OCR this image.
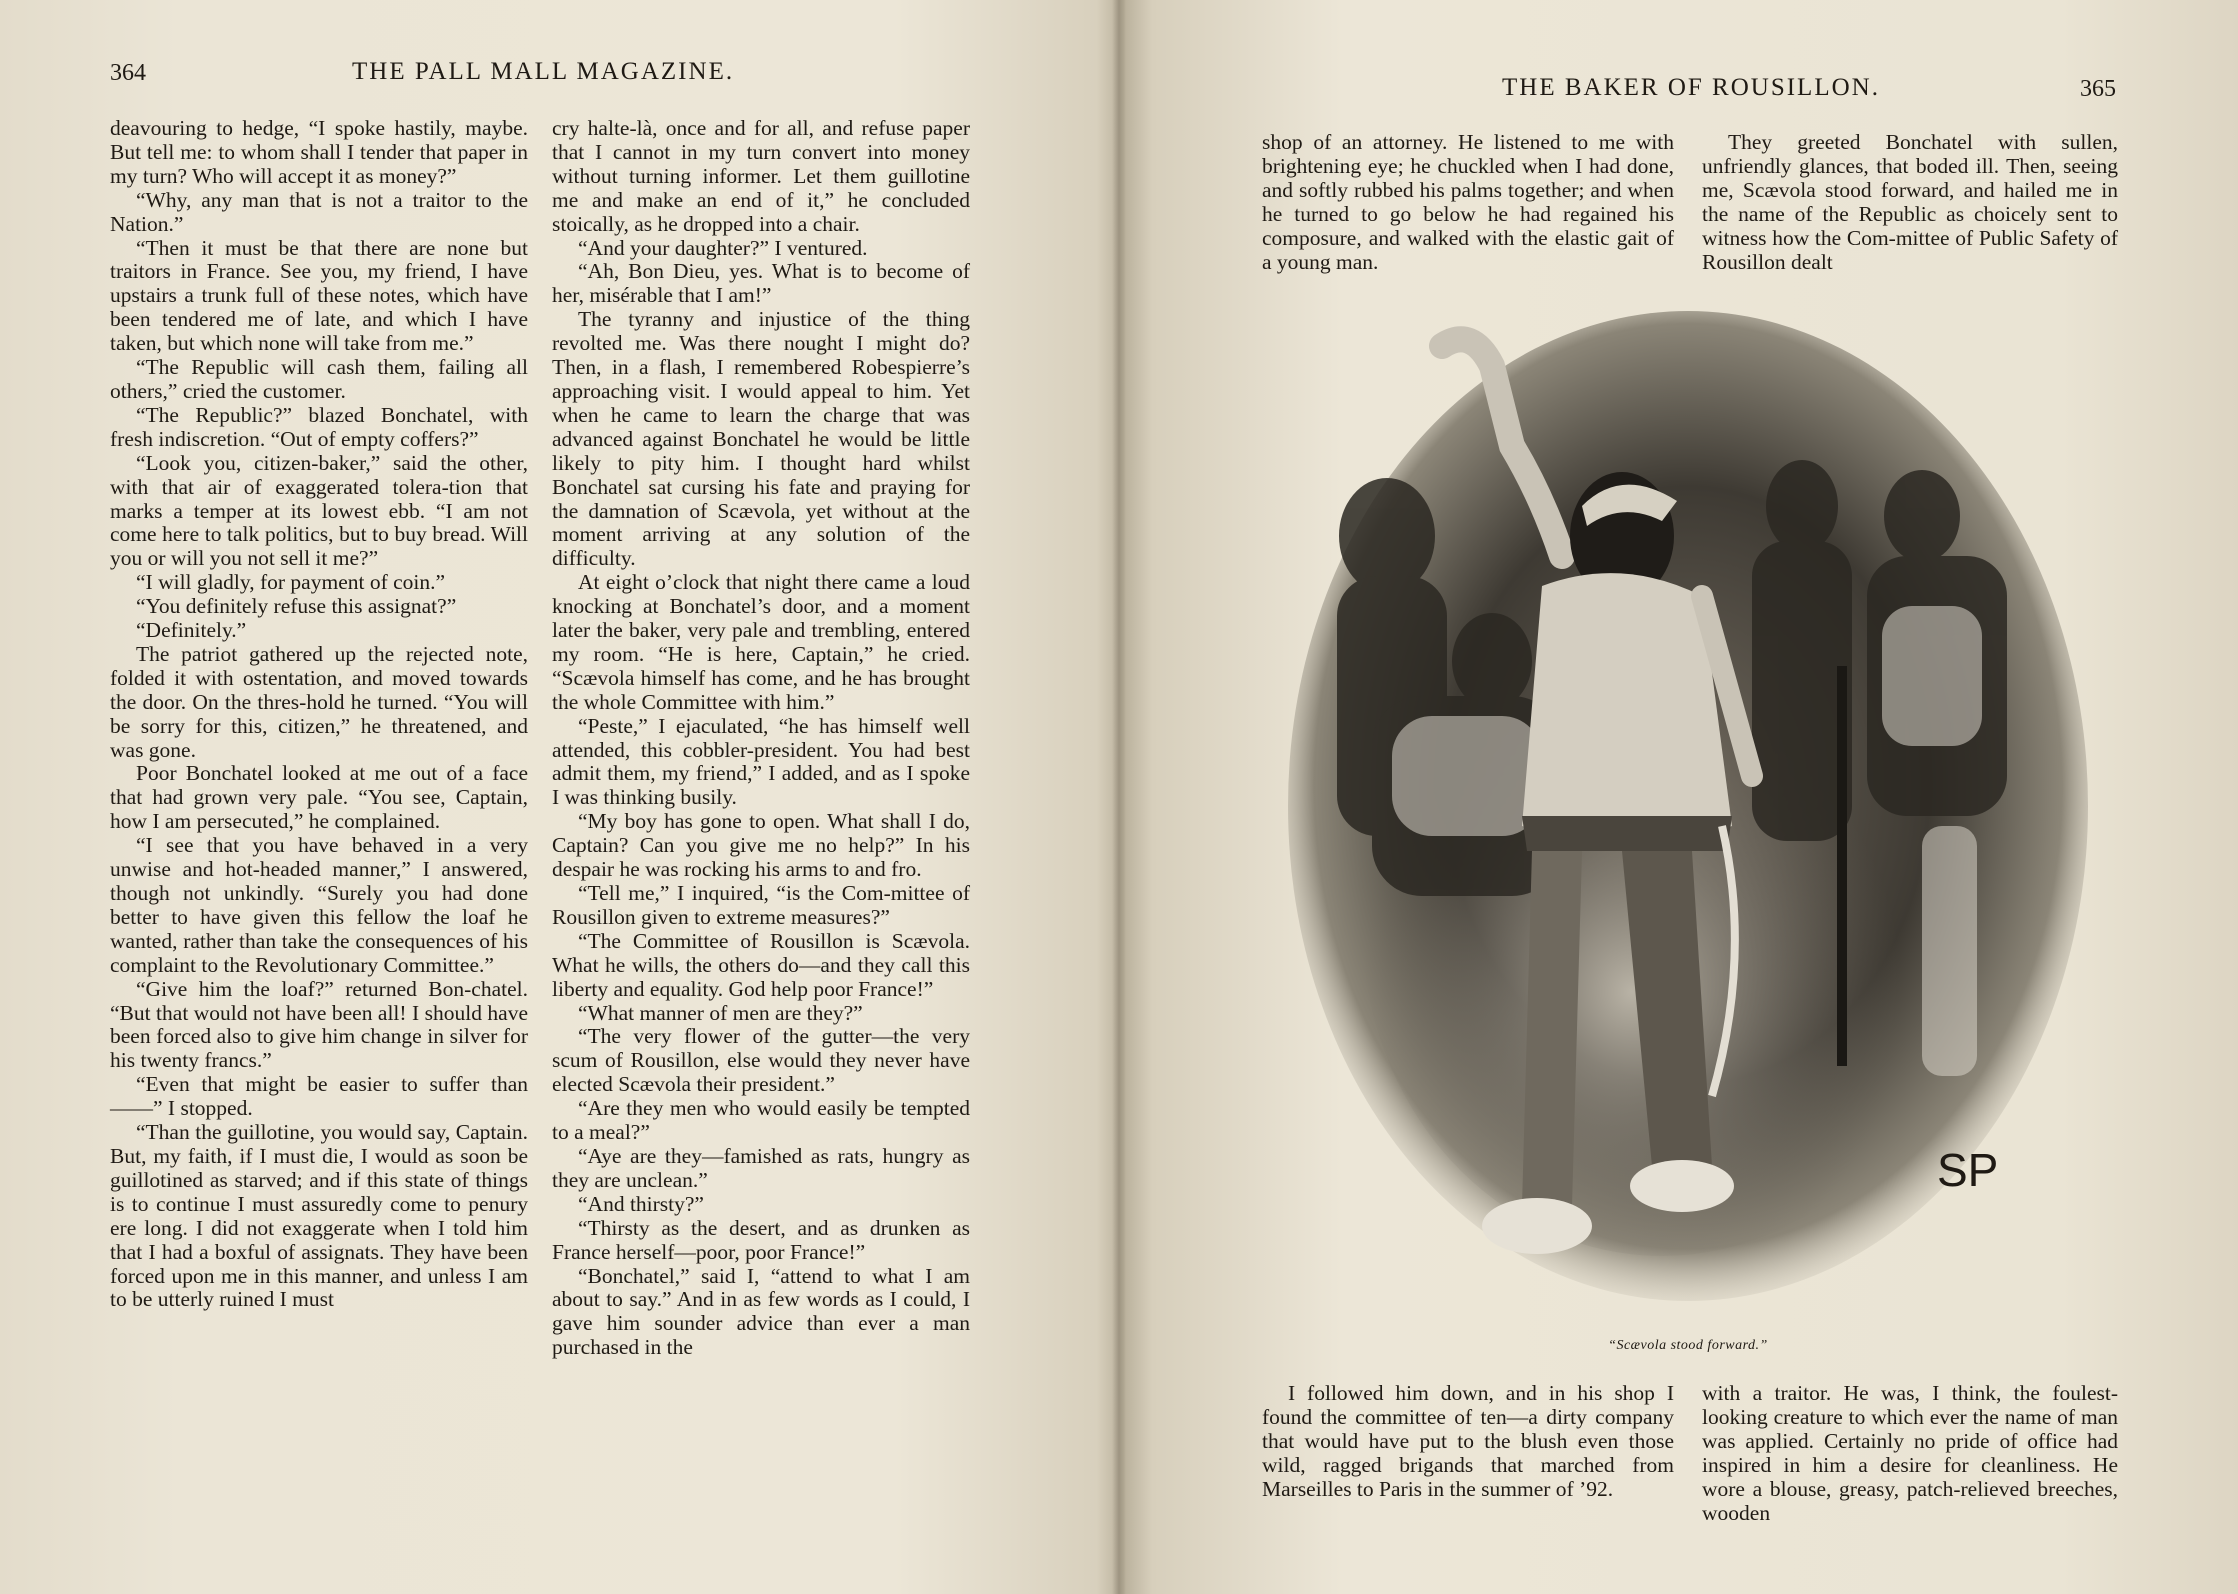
364	THE PALL MALL MAGAZINE.

deavouring to hedge, “I spoke hastily, maybe. But tell me: to whom shall I tender that paper in my turn? Who will accept it as money?”

“Why, any man that is not a traitor to the Nation.”

“Then it must be that there are none but traitors in France. See you, my friend, I have upstairs a trunk full of these notes, which have been tendered me of late, and which I have taken, but which none will take from me.”

“The Republic will cash them, failing all others,” cried the customer.

“The Republic?” blazed Bonchatel, with fresh indiscretion. “Out of empty coffers?”

“Look you, citizen-baker,” said the other, with that air of exaggerated tolera-tion that marks a temper at its lowest ebb. “I am not come here to talk politics, but to buy bread. Will you or will you not sell it me?”

“I will gladly, for payment of coin.”

“You definitely refuse this assignat?”

“Definitely.”

The patriot gathered up the rejected note, folded it with ostentation, and moved towards the door. On the thres-hold he turned. “You will be sorry for this, citizen,” he threatened, and was gone.

Poor Bonchatel looked at me out of a face that had grown very pale. “You see, Captain, how I am persecuted,” he complained.

“I see that you have behaved in a very unwise and hot-headed manner,” I answered, though not unkindly. “Surely you had done better to have given this fellow the loaf he wanted, rather than take the consequences of his complaint to the Revolutionary Committee.”

“Give him the loaf?” returned Bon-chatel. “But that would not have been all! I should have been forced also to give him change in silver for his twenty francs.”

“Even that might be easier to suffer than——” I stopped.

“Than the guillotine, you would say, Captain. But, my faith, if I must die, I would as soon be guillotined as starved; and if this state of things is to continue I must assuredly come to penury ere long. I did not exaggerate when I told him that I had a boxful of assignats. They have been forced upon me in this manner, and unless I am to be utterly ruined I must

cry halte-là, once and for all, and refuse paper that I cannot in my turn convert into money without turning informer. Let them guillotine me and make an end of it,” he concluded stoically, as he dropped into a chair.

“And your daughter?” I ventured.

“Ah, Bon Dieu, yes. What is to become of her, misérable that I am!”

The tyranny and injustice of the thing revolted me. Was there nought I might do? Then, in a flash, I remembered Robespierre’s approaching visit. I would appeal to him. Yet when he came to learn the charge that was advanced against Bonchatel he would be little likely to pity him. I thought hard whilst Bonchatel sat cursing his fate and praying for the damnation of Scævola, yet without at the moment arriving at any solution of the difficulty.

At eight o’clock that night there came a loud knocking at Bonchatel’s door, and a moment later the baker, very pale and trembling, entered my room. “He is here, Captain,” he cried. “Scævola himself has come, and he has brought the whole Committee with him.”

“Peste,” I ejaculated, “he has himself well attended, this cobbler-president. You had best admit them, my friend,” I added, and as I spoke I was thinking busily.

“My boy has gone to open. What shall I do, Captain? Can you give me no help?” In his despair he was rocking his arms to and fro.

“Tell me,” I inquired, “is the Com-mittee of Rousillon given to extreme measures?”

“The Committee of Rousillon is Scævola. What he wills, the others do—and they call this liberty and equality. God help poor France!”

“What manner of men are they?”

“The very flower of the gutter—the very scum of Rousillon, else would they never have elected Scævola their president.”

“Are they men who would easily be tempted to a meal?”

“Aye are they—famished as rats, hungry as they are unclean.”

“And thirsty?”

“Thirsty as the desert, and as drunken as France herself—poor, poor France!”

“Bonchatel,” said I, “attend to what I am about to say.” And in as few words as I could, I gave him sounder advice than ever a man purchased in the

THE BAKER OF ROUSILLON.	365

shop of an attorney. He listened to me with brightening eye; he chuckled when I had done, and softly rubbed his palms together; and when he turned to go below he had regained his composure, and walked with the elastic gait of a young man.

They greeted Bonchatel with sullen, unfriendly glances, that boded ill. Then, seeing me, Scævola stood forward, and hailed me in the name of the Republic as choicely sent to witness how the Com-mittee of Public Safety of Rousillon dealt

SP
“Scævola stood forward.”

I followed him down, and in his shop I found the committee of ten—a dirty company that would have put to the blush even those wild, ragged brigands that marched from Marseilles to Paris in the summer of ’92.

with a traitor. He was, I think, the foulest-looking creature to which ever the name of man was applied. Certainly no pride of office had inspired in him a desire for cleanliness. He wore a blouse, greasy, patch-relieved breeches, wooden
